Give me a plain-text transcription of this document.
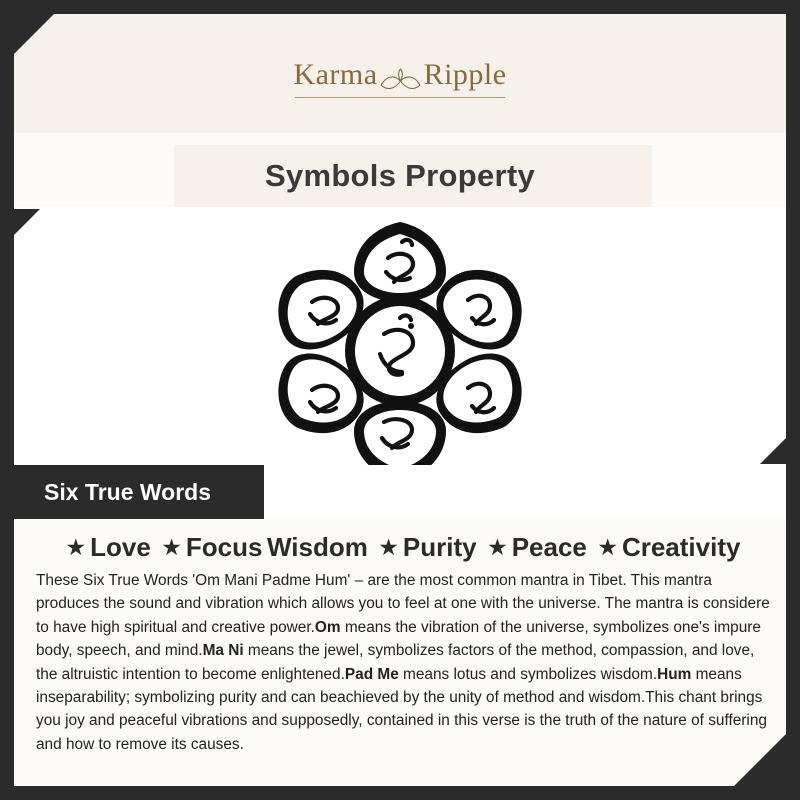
Karma Ripple
Symbols Property
Six True Words
★ Love ★ Focus Wisdom ★ Purity ★ Peace ★ Creativity
These Six True Words 'Om Mani Padme Hum' – are the most common mantra in Tibet. This mantra produces the sound and vibration which allows you to feel at one with the universe. The mantra is considere to have high spiritual and creative power.Om means the vibration of the universe, symbolizes one's impure body, speech, and mind.Ma Ni means the jewel, symbolizes factors of the method, compassion, and love, the altruistic intention to become enlightened.Pad Me means lotus and symbolizes wisdom.Hum means inseparability; symbolizing purity and can beachieved by the unity of method and wisdom.This chant brings you joy and peaceful vibrations and supposedly, contained in this verse is the truth of the nature of suffering and how to remove its causes.
